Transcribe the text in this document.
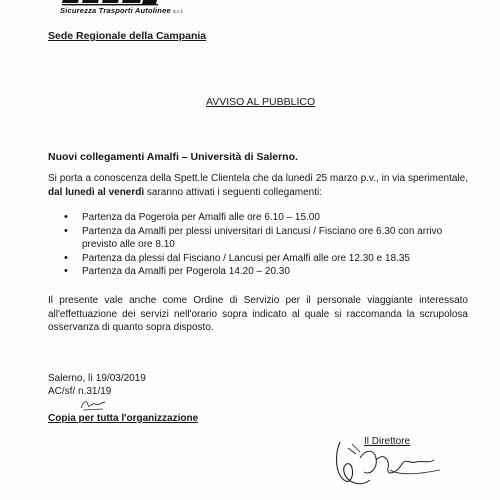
Sicurezza Trasporti Autolinee s.r.l.
Sede Regionale della Campania
AVVISO AL PUBBLICO
Nuovi collegamenti Amalfi – Università di Salerno.
Si porta a conoscenza della Spett.le Clientela che da lunedì 25 marzo p.v., in via sperimentale, dal lunedì al venerdì saranno attivati i seguenti collegamenti:
• Partenza da Pogerola per Amalfi alle ore 6.10 – 15.00
• Partenza da Amalfi per plessi universitari di Lancusi / Fisciano ore 6.30 con arrivo previsto alle ore 8.10
• Partenza da plessi dal Fisciano / Lancusi per Amalfi alle ore 12.30 e 18.35
• Partenza da Amalfi per Pogerola 14.20 – 20.30
Il presente vale anche come Ordine di Servizio per il personale viaggiante interessato all'effettuazione dei servizi nell'orario sopra indicato al quale si raccomanda la scrupolosa osservanza di quanto sopra disposto.
Salerno, lì 19/03/2019
AC/sf/ n.31/19
Copia per tutta l'organizzazione
Il Direttore
